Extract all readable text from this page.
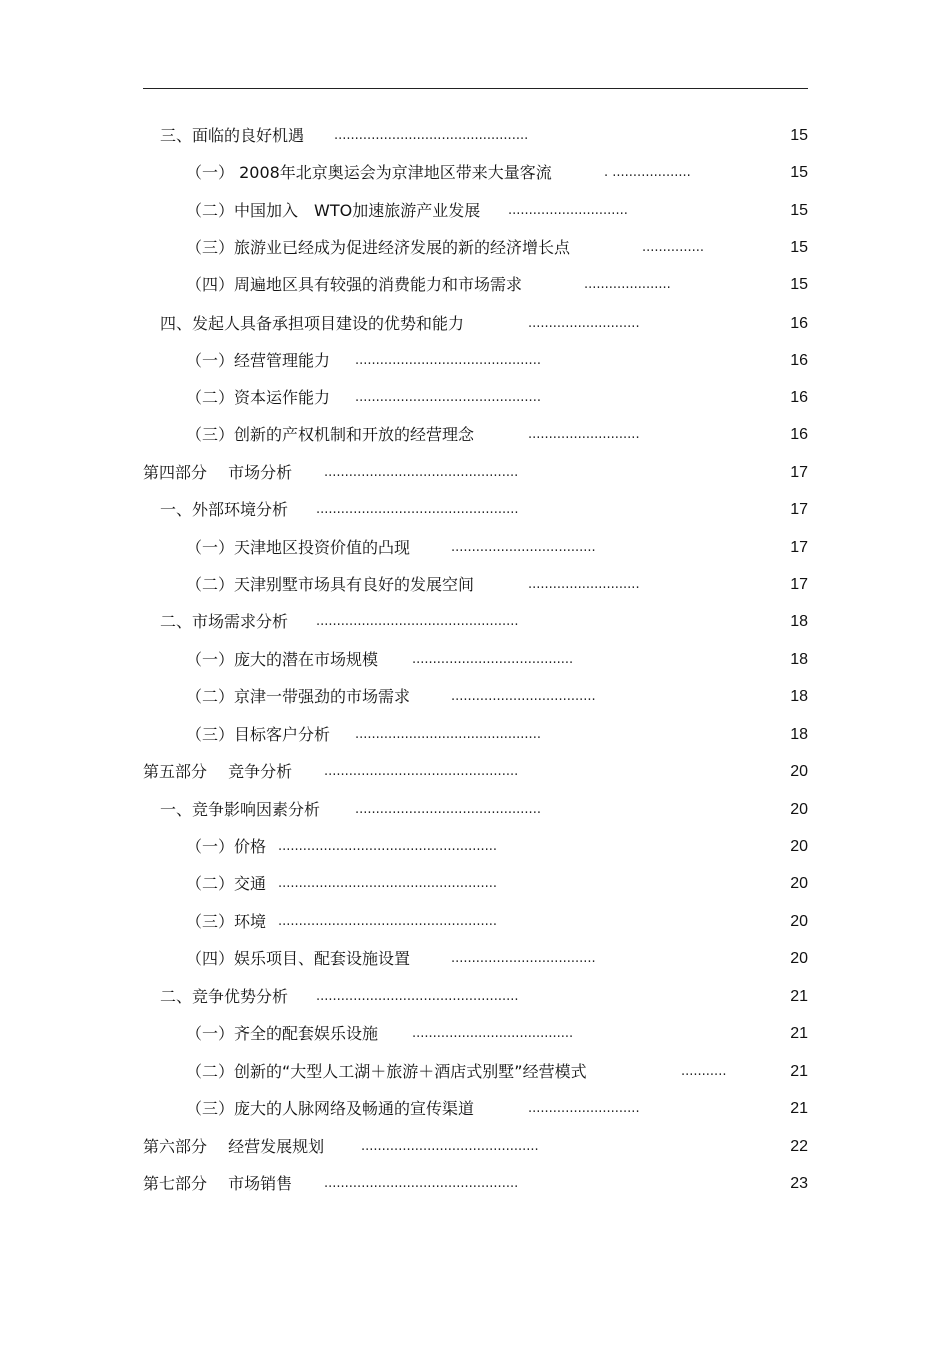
三、面临的良好机遇 ...............................................	15
（一） 2008年北京奥运会为京津地区带来大量客流	. ...................	15
（二）中国加入　WTO加速旅游产业发展 .............................	15
（三）旅游业已经成为促进经济发展的新的经济增长点	...............	15
（四）周遍地区具有较强的消费能力和市场需求	.....................	15
四、发起人具备承担项目建设的优势和能力	...........................	16
（一）经营管理能力 .............................................	16
（二）资本运作能力 .............................................	16
（三）创新的产权机制和开放的经营理念	...........................	16
第四部分　 市场分析 ...............................................	17
一、外部环境分析 .................................................	17
（一）天津地区投资价值的凸现	...................................	17
（二）天津别墅市场具有良好的发展空间	...........................	17
二、市场需求分析 .................................................	18
（一）庞大的潜在市场规模	.......................................	18
（二）京津一带强劲的市场需求	...................................	18
（三）目标客户分析 .............................................	18
第五部分　 竞争分析 ...............................................	20
一、竞争影响因素分析	.............................................	20
（一）价格 .....................................................	20
（二）交通 .....................................................	20
（三）环境 .....................................................	20
（四）娱乐项目、配套设施设置	...................................	20
二、竞争优势分析 .................................................	21
（一）齐全的配套娱乐设施	.......................................	21
（二）创新的“大型人工湖＋旅游＋酒店式别墅”经营模式	...........	21
（三）庞大的人脉网络及畅通的宣传渠道	...........................	21
第六部分　 经营发展规划	...........................................	22
第七部分　 市场销售 ...............................................	23
